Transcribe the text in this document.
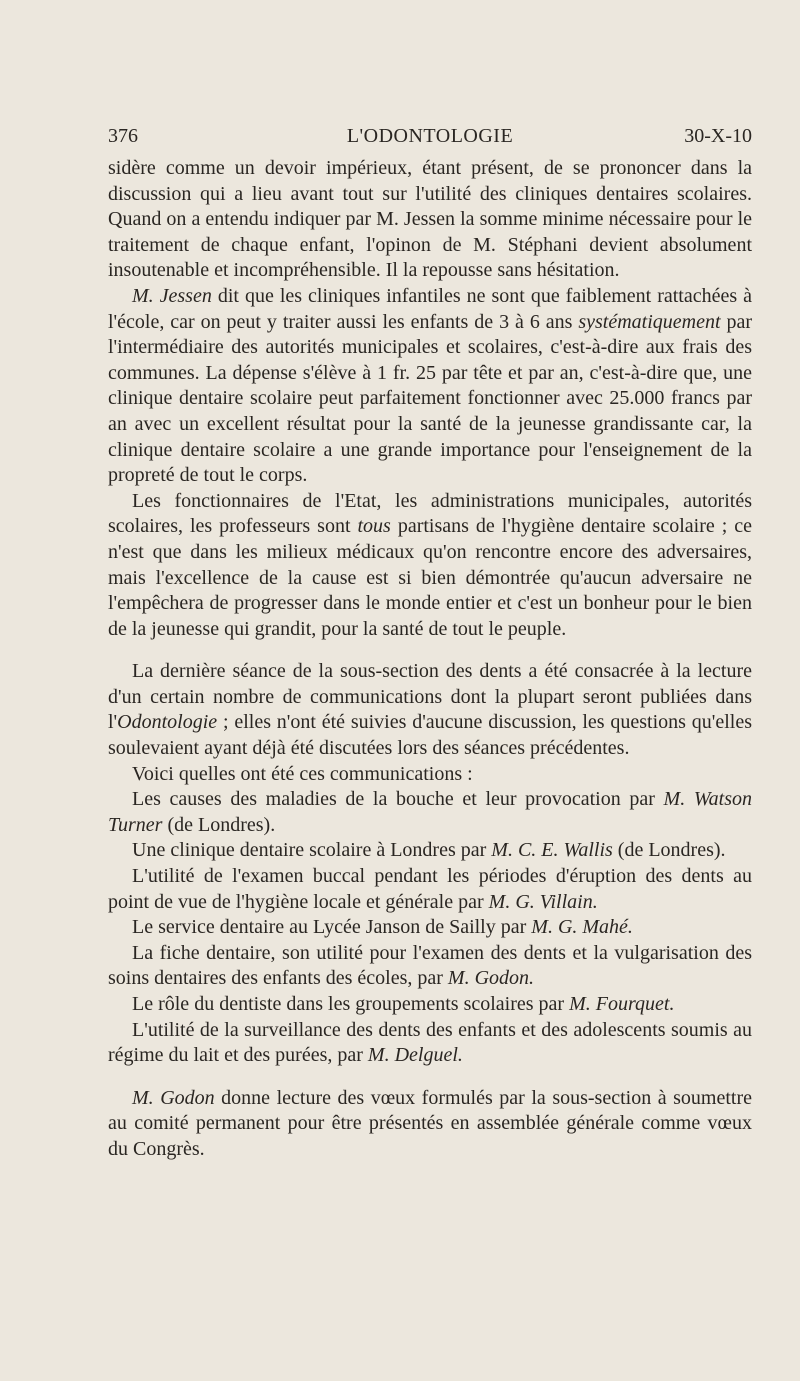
376	L'ODONTOLOGIE	30-X-10

sidère comme un devoir impérieux, étant présent, de se prononcer dans la discussion qui a lieu avant tout sur l'utilité des cliniques dentaires scolaires. Quand on a entendu indiquer par M. Jessen la somme minime nécessaire pour le traitement de chaque enfant, l'opinon de M. Stéphani devient absolument insoutenable et incompréhensible. Il la repousse sans hésitation.

M. Jessen dit que les cliniques infantiles ne sont que faiblement rattachées à l'école, car on peut y traiter aussi les enfants de 3 à 6 ans systématiquement par l'intermédiaire des autorités municipales et scolaires, c'est-à-dire aux frais des communes. La dépense s'élève à 1 fr. 25 par tête et par an, c'est-à-dire que, une clinique dentaire scolaire peut parfaitement fonctionner avec 25.000 francs par an avec un excellent résultat pour la santé de la jeunesse grandissante car, la clinique dentaire scolaire a une grande importance pour l'enseignement de la propreté de tout le corps.

Les fonctionnaires de l'Etat, les administrations municipales, autorités scolaires, les professeurs sont tous partisans de l'hygiène dentaire scolaire ; ce n'est que dans les milieux médicaux qu'on rencontre encore des adversaires, mais l'excellence de la cause est si bien démontrée qu'aucun adversaire ne l'empêchera de progresser dans le monde entier et c'est un bonheur pour le bien de la jeunesse qui grandit, pour la santé de tout le peuple.

La dernière séance de la sous-section des dents a été consacrée à la lecture d'un certain nombre de communications dont la plupart seront publiées dans l'Odontologie ; elles n'ont été suivies d'aucune discussion, les questions qu'elles soulevaient ayant déjà été discutées lors des séances précédentes.

Voici quelles ont été ces communications :

Les causes des maladies de la bouche et leur provocation par M. Watson Turner (de Londres).

Une clinique dentaire scolaire à Londres par M. C. E. Wallis (de Londres).

L'utilité de l'examen buccal pendant les périodes d'éruption des dents au point de vue de l'hygiène locale et générale par M. G. Villain.

Le service dentaire au Lycée Janson de Sailly par M. G. Mahé.

La fiche dentaire, son utilité pour l'examen des dents et la vulgarisation des soins dentaires des enfants des écoles, par M. Godon.

Le rôle du dentiste dans les groupements scolaires par M. Fourquet.

L'utilité de la surveillance des dents des enfants et des adolescents soumis au régime du lait et des purées, par M. Delguel.

M. Godon donne lecture des vœux formulés par la sous-section à soumettre au comité permanent pour être présentés en assemblée générale comme vœux du Congrès.
